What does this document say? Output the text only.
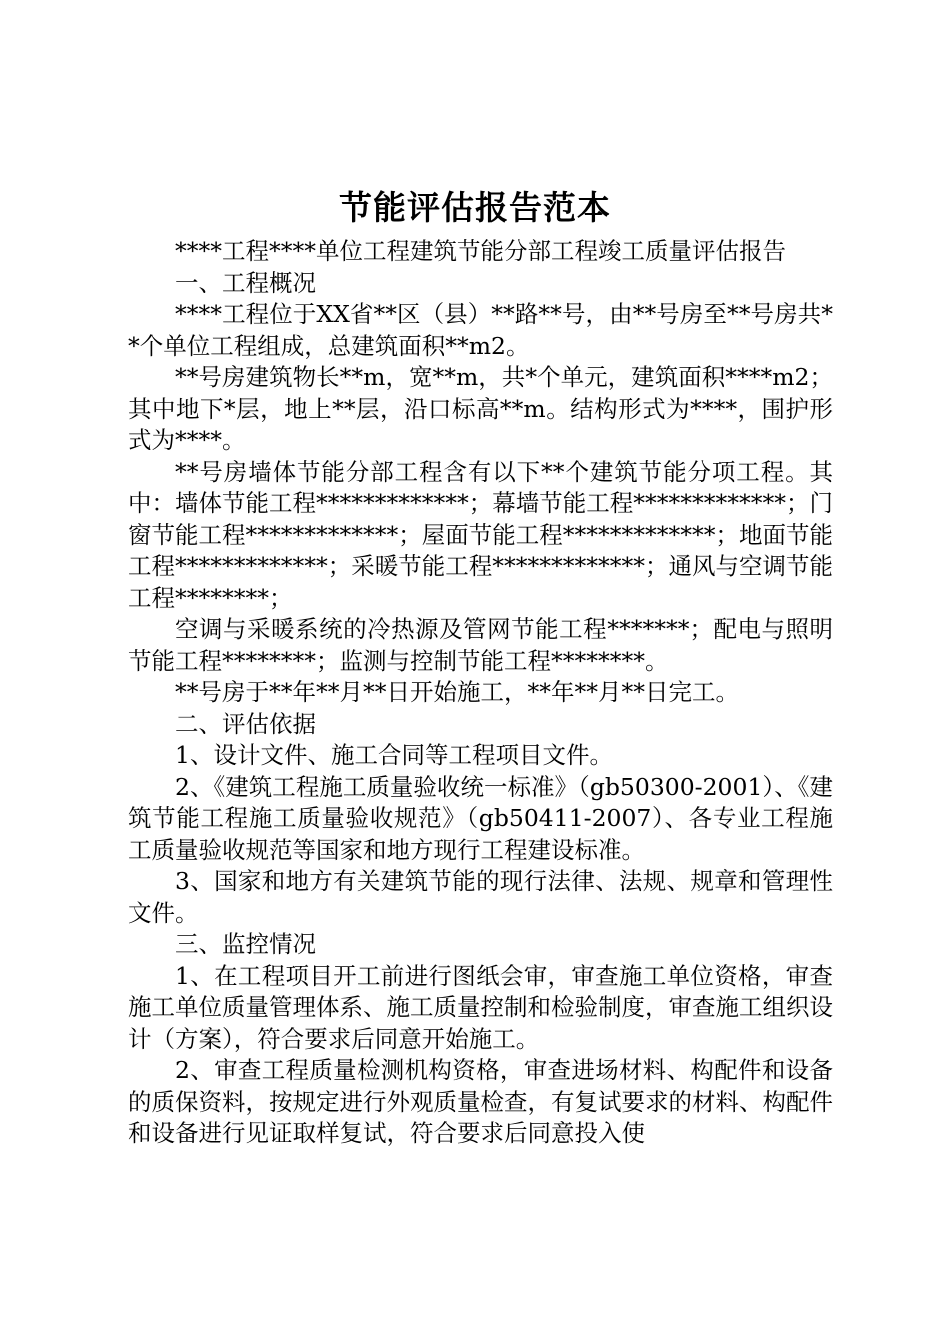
节能评估报告范本

****工程****单位工程建筑节能分部工程竣工质量评估报告

一、工程概况

****工程位于XX省**区（县）**路**号，由**号房至**号房共**个单位工程组成，总建筑面积**m2。

**号房建筑物长**m，宽**m，共*个单元，建筑面积****m2；其中地下*层，地上**层，沿口标高**m。结构形式为****，围护形式为****。

**号房墙体节能分部工程含有以下**个建筑节能分项工程。其中：墙体节能工程*************；幕墙节能工程*************；门窗节能工程*************；屋面节能工程*************；地面节能工程*************；采暖节能工程*************；通风与空调节能工程********；

空调与采暖系统的冷热源及管网节能工程*******；配电与照明节能工程********；监测与控制节能工程********。

**号房于**年**月**日开始施工，**年**月**日完工。

二、评估依据

1、设计文件、施工合同等工程项目文件。

2、《建筑工程施工质量验收统一标准》（gb50300-2001）、《建筑节能工程施工质量验收规范》（gb50411-2007）、各专业工程施工质量验收规范等国家和地方现行工程建设标准。

3、国家和地方有关建筑节能的现行法律、法规、规章和管理性文件。

三、监控情况

1、在工程项目开工前进行图纸会审，审查施工单位资格，审查施工单位质量管理体系、施工质量控制和检验制度，审查施工组织设计（方案），符合要求后同意开始施工。

2、审查工程质量检测机构资格，审查进场材料、构配件和设备的质保资料，按规定进行外观质量检查，有复试要求的材料、构配件和设备进行见证取样复试，符合要求后同意投入使
